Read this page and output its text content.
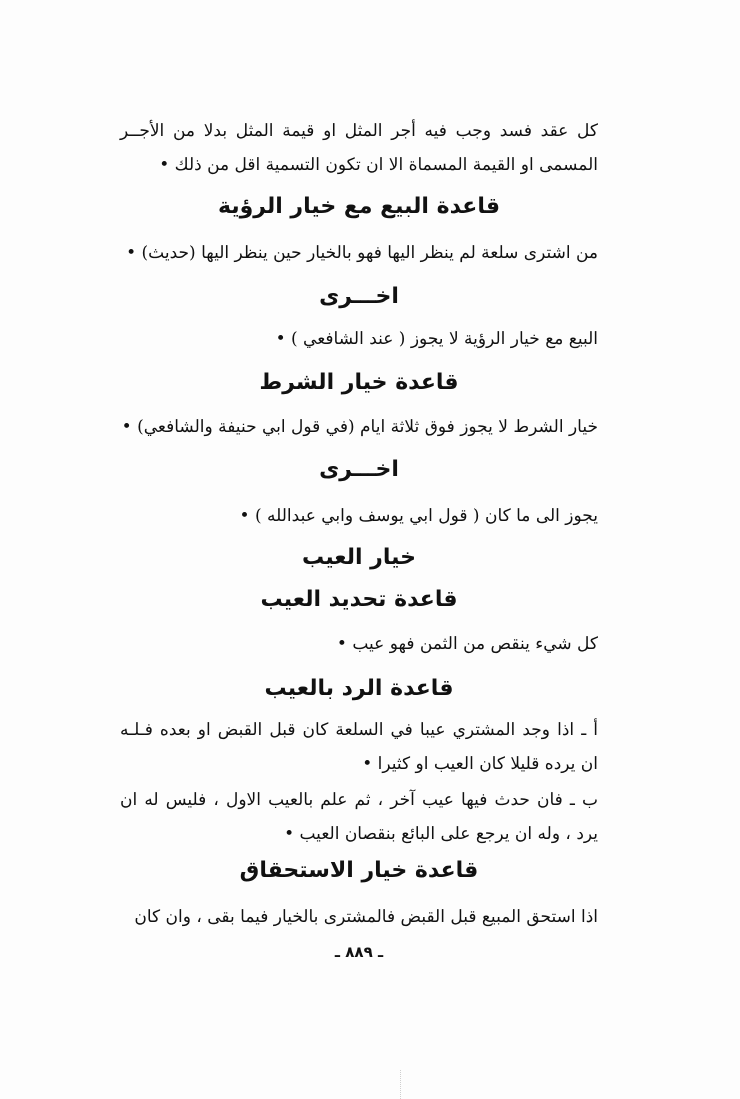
كل عقد فسد وجب فيه أجر المثل او قيمة المثل بدلا من الأجــر المسمى او القيمة المسماة الا ان تكون التسمية اقل من ذلك •
قاعدة البيع مع خيار الرؤية
من اشترى سلعة لم ينظر اليها فهو بالخيار حين ينظر اليها (حديث) •
اخـــرى
البيع مع خيار الرؤية لا يجوز ( عند الشافعي ) •
قاعدة خيار الشرط
خيار الشرط لا يجوز فوق ثلاثة ايام (في قول ابي حنيفة والشافعي) •
اخـــرى
يجوز الى ما كان ( قول ابي يوسف وابي عبدالله ) •
خيار العيب
قاعدة تحديد العيب
كل شيء ينقص من الثمن فهو عيب •
قاعدة الرد بالعيب
أ ـ اذا وجد المشتري عيبا في السلعة كان قبل القبض او بعده فـلـه ان يرده قليلا كان العيب او كثيرا •
ب ـ فان حدث فيها عيب آخر ، ثم علم بالعيب الاول ، فليس له ان يرد ، وله ان يرجع على البائع بنقصان العيب •
قاعدة خيار الاستحقاق
اذا استحق المبيع قبل القبض فالمشترى بالخيار فيما بقى ، وان كان
ـ ٨٨٩ ـ
